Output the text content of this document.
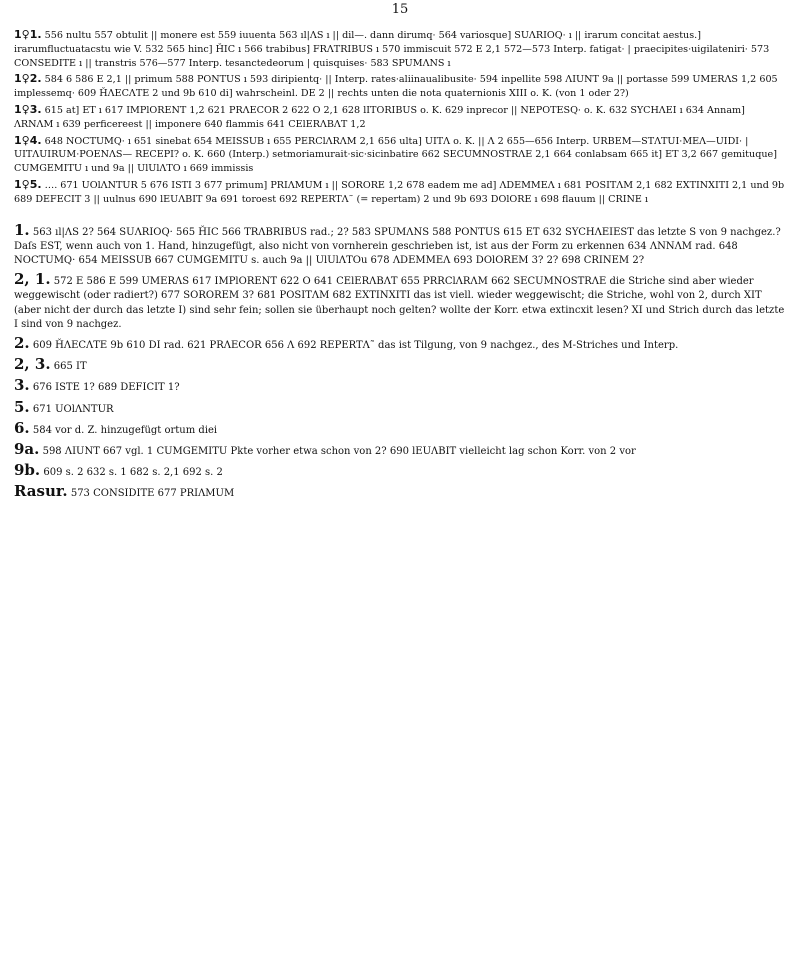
15

1♀1. 556 nultu 557 obtulit || monere est 559 iuuenta 563 ıl|ΛS ı || dil—. dann dirumq· 564 variosque] SUΛRIOQ· ı || irarum concitat aestus.] irarumfluctuatacstu wie V. 532 565 hinc] ȞIC ı 566 trabibus] FRΛTRIBUS ı 570 immiscuit 572 E 2,1 572—573 Interp. fatigat· | praecipites·uigilateniri· 573 CONSEDITE ı || transtris 576—577 Interp. tesanctedeorum | quisquises· 583 SPUMΛNS ı

1♀2. 584 6 586 E 2,1 || primum 588 PONTUS ı 593 diripientq· || Interp. rates·aliinaualibusite· 594 inpellite 598 ΛIUNT 9a || portasse 599 UMERΛS 1,2 605 implessemq· 609 ȞΛECΛTE 2 und 9b 610 di] wahrscheinl. DE 2 || rechts unten die nota quaternionis XIII o. K. (von 1 oder 2?)

1♀3. 615 at] ET ı 617 IMPlORENT 1,2 621 PRΛECOR 2 622 O 2,1 628 lITORIBUS o. K. 629 inprecor || NEPOTESQ· o. K. 632 SYCHΛEI ı 634 Annam] ΛRNΛM ı 639 perficereest || imponere 640 flammis 641 CElERΛBΛT 1,2

1♀4. 648 NOCTUMQ· ı 651 sinebat 654 MEISSUB ı 655 PERClΛRΛM 2,1 656 ulta] UITΛ o. K. || Λ 2 655—656 Interp. URBEM—STΛTUI·MEΛ—UIDI· | UITΛUIRUM·POENΛS— RECEPI? o. K. 660 (Interp.) setmoriamurait·sic·sicinbatire 662 SECUMNOSTRΛE 2,1 664 conlabsam 665 it] ET 3,2 667 gemituque] CUMGEMITU ı und 9a || UlUlΛTO ı 669 immissis

1♀5. …. 671 UOlΛNTUR 5 676 ISTI 3 677 primum] PRIΛMUM ı || SORORE 1,2 678 eadem me ad] ΛDEMMEΛ ı 681 POSITΛM 2,1 682 EXTINXITI 2,1 und 9b 689 DEFECIT 3 || uulnus 690 lEUΛBIT 9a 691 toroest 692 REPERTΛ˜ (= repertam) 2 und 9b 693 DOlORE ı 698 flauum || CRINE ı

1. 563 ıl|ΛS 2? 564 SUΛRIOQ· 565 ȞIC 566 TRΛBRIBUS rad.; 2? 583 SPUMΛNS 588 PONTUS 615 ET 632 SYCHΛEIEST das letzte S von 9 nachgez.? Daſs EST, wenn auch von 1. Hand, hinzugefügt, also nicht von vornherein geschrieben ist, ist aus der Form zu erkennen 634 ΛNNΛM rad. 648 NOCTUMQ· 654 MEISSUB 667 CUMGEMITU s. auch 9a || UlUlΛTOu 678 ΛDEMMEΛ 693 DOlOREM 3? 2? 698 CRINEM 2?

2, 1. 572 E 586 E 599 UMERΛS 617 IMPlORENT 622 O 641 CElERΛBΛT 655 PRRClΛRΛM 662 SECUMNOSTRΛE die Striche sind aber wieder weggewischt (oder radiert?) 677 SOROREM 3? 681 POSITΛM 682 EXTINXITI das ist viell. wieder weggewischt; die Striche, wohl von 2, durch XIT (aber nicht der durch das letzte I) sind sehr fein; sollen sie überhaupt noch gelten? wollte der Korr. etwa extincxit lesen? XI und Strich durch das letzte I sind von 9 nachgez.

2. 609 ȞΛECΛTE 9b 610 DI rad. 621 PRΛECOR 656 Λ 692 REPERTΛ˜ das ist Tilgung, von 9 nachgez., des M-Striches und Interp.

2, 3. 665 IT

3. 676 ISTE 1? 689 DEFICIT 1?

5. 671 UOlΛNTUR

6. 584 vor d. Z. hinzugefügt ortum diei

9a. 598 ΛIUNT 667 vgl. 1 CUMGEMITU Pkte vorher etwa schon von 2? 690 lEUΛBIT vielleicht lag schon Korr. von 2 vor

9b. 609 s. 2 632 s. 1 682 s. 2,1 692 s. 2

Rasur. 573 CONSIDITE 677 PRIΛMUM
